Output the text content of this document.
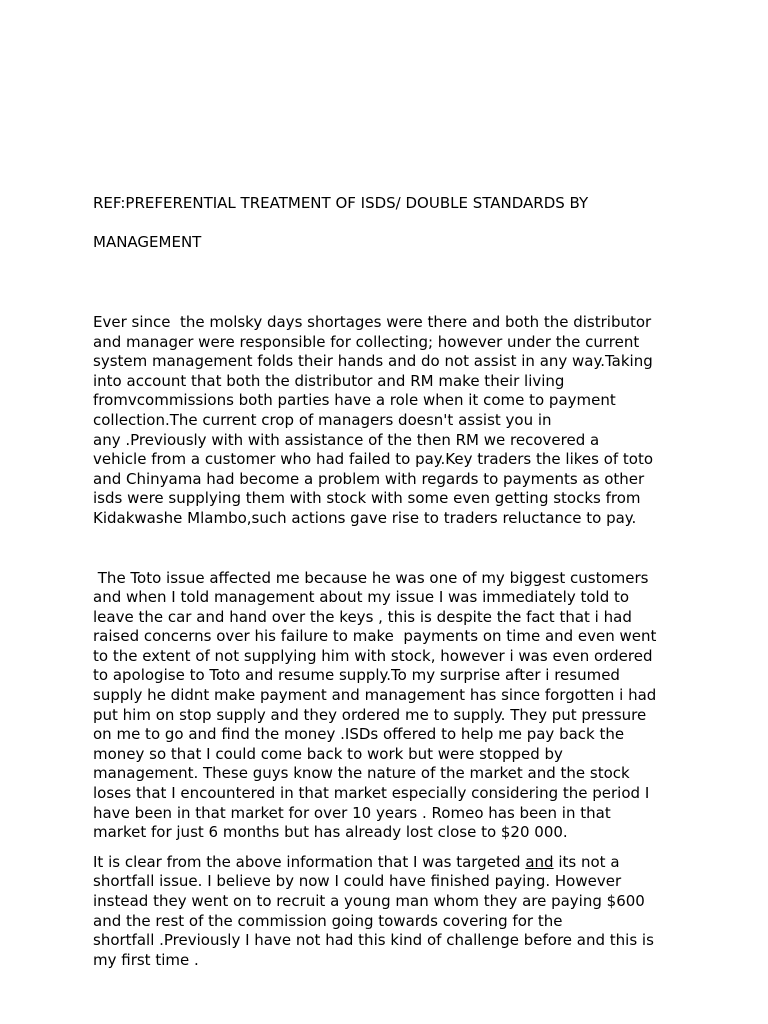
REF:PREFERENTIAL TREATMENT OF ISDS/ DOUBLE STANDARDS BY

MANAGEMENT

Ever since  the molsky days shortages were there and both the distributor
and manager were responsible for collecting; however under the current
system management folds their hands and do not assist in any way.Taking
into account that both the distributor and RM make their living
fromvcommissions both parties have a role when it come to payment
collection.The current crop of managers doesn't assist you in
any .Previously with with assistance of the then RM we recovered a
vehicle from a customer who had failed to pay.Key traders the likes of toto
and Chinyama had become a problem with regards to payments as other
isds were supplying them with stock with some even getting stocks from
Kidakwashe Mlambo,such actions gave rise to traders reluctance to pay.
The Toto issue affected me because he was one of my biggest customers
and when I told management about my issue I was immediately told to
leave the car and hand over the keys , this is despite the fact that i had
raised concerns over his failure to make  payments on time and even went
to the extent of not supplying him with stock, however i was even ordered
to apologise to Toto and resume supply.To my surprise after i resumed
supply he didnt make payment and management has since forgotten i had
put him on stop supply and they ordered me to supply. They put pressure
on me to go and find the money .ISDs offered to help me pay back the
money so that I could come back to work but were stopped by
management. These guys know the nature of the market and the stock
loses that I encountered in that market especially considering the period I
have been in that market for over 10 years . Romeo has been in that
market for just 6 months but has already lost close to $20 000.
It is clear from the above information that I was targeted and its not a
shortfall issue. I believe by now I could have finished paying. However
instead they went on to recruit a young man whom they are paying $600
and the rest of the commission going towards covering for the
shortfall .Previously I have not had this kind of challenge before and this is
my first time .
